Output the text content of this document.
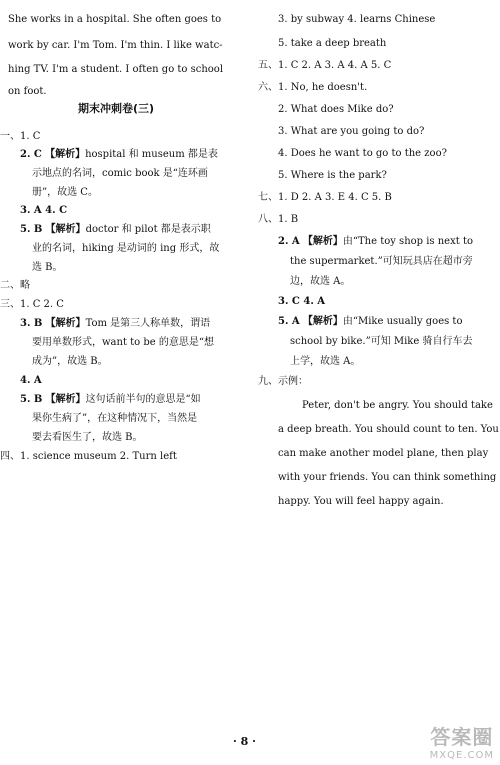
She works in a hospital. She often goes to
work by car. I'm Tom. I'm thin. I like watc-
hing TV. I'm a student. I often go to school
on foot.
期末冲刺卷(三)
一、1. C
2. C 【解析】hospital 和 museum 都是表
示地点的名词，comic book 是“连环画
册”，故选 C。
3. A 4. C
5. B 【解析】doctor 和 pilot 都是表示职
业的名词，hiking 是动词的 ing 形式，故
选 B。
二、略
三、1. C 2. C
3. B 【解析】Tom 是第三人称单数，谓语
要用单数形式，want to be 的意思是“想
成为”，故选 B。
4. A
5. B 【解析】这句话前半句的意思是“如
果你生病了”，在这种情况下，当然是
要去看医生了，故选 B。
四、1. science museum 2. Turn left
3. by subway 4. learns Chinese
5. take a deep breath
五、1. C 2. A 3. A 4. A 5. C
六、1. No, he doesn't.
2. What does Mike do?
3. What are you going to do?
4. Does he want to go to the zoo?
5. Where is the park?
七、1. D 2. A 3. E 4. C 5. B
八、1. B
2. A 【解析】由“The toy shop is next to
the supermarket.”可知玩具店在超市旁
边，故选 A。
3. C 4. A
5. A 【解析】由“Mike usually goes to
school by bike.”可知 Mike 骑自行车去
上学，故选 A。
九、示例：
Peter, don't be angry. You should take
a deep breath. You should count to ten. You
can make another model plane, then play
with your friends. You can think something
happy. You will feel happy again.
· 8 ·	答案圈
MXQE.COM
